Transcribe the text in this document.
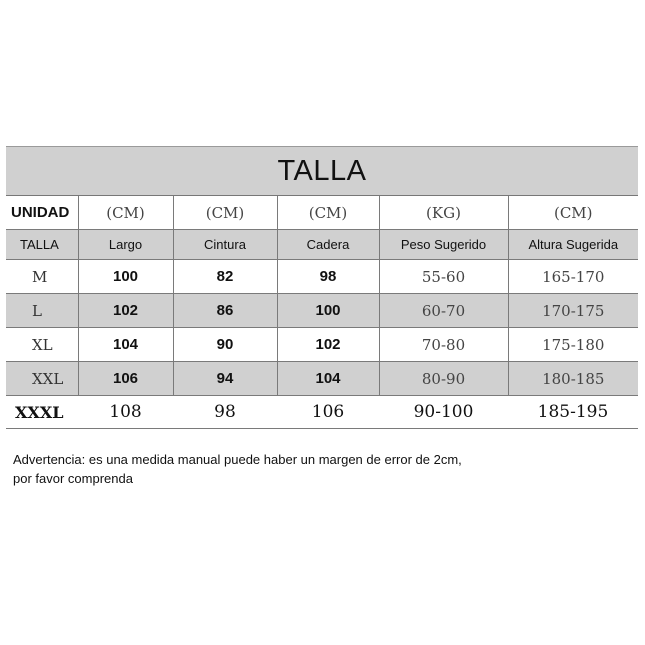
TALLA
UNIDAD	(CM)	(CM)	(CM)	(KG)	(CM)
TALLA	Largo	Cintura	Cadera	Peso Sugerido	Altura Sugerida
M	100	82	98	55-60	165-170
L	102	86	100	60-70	170-175
XL	104	90	102	70-80	175-180
XXL	106	94	104	80-90	180-185
XXXL	108	98	106	90-100	185-195
Advertencia: es una medida manual puede haber un margen de error de 2cm,
por favor comprenda
